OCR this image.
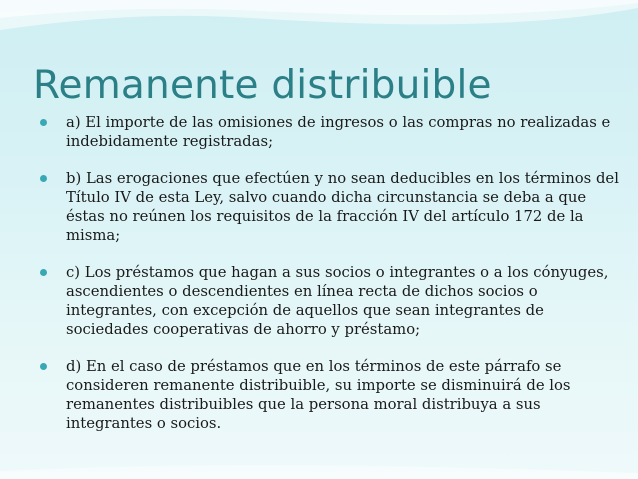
Remanente distribuible
a) El importe de las omisiones de ingresos o las compras no realizadas e indebidamente registradas;
b) Las erogaciones que efectúen y no sean deducibles en los términos del Título IV de esta Ley, salvo cuando dicha circunstancia se deba a que éstas no reúnen los requisitos de la fracción IV del artículo 172 de la misma;
c) Los préstamos que hagan a sus socios o integrantes o a los cónyuges, ascendientes o descendientes en línea recta de dichos socios o integrantes, con excepción de aquellos que sean integrantes de sociedades cooperativas de ahorro y préstamo;
d) En el caso de préstamos que en los términos de este párrafo se consideren remanente distribuible, su importe se disminuirá de los remanentes distribuibles que la persona moral distribuya a sus integrantes o socios.
